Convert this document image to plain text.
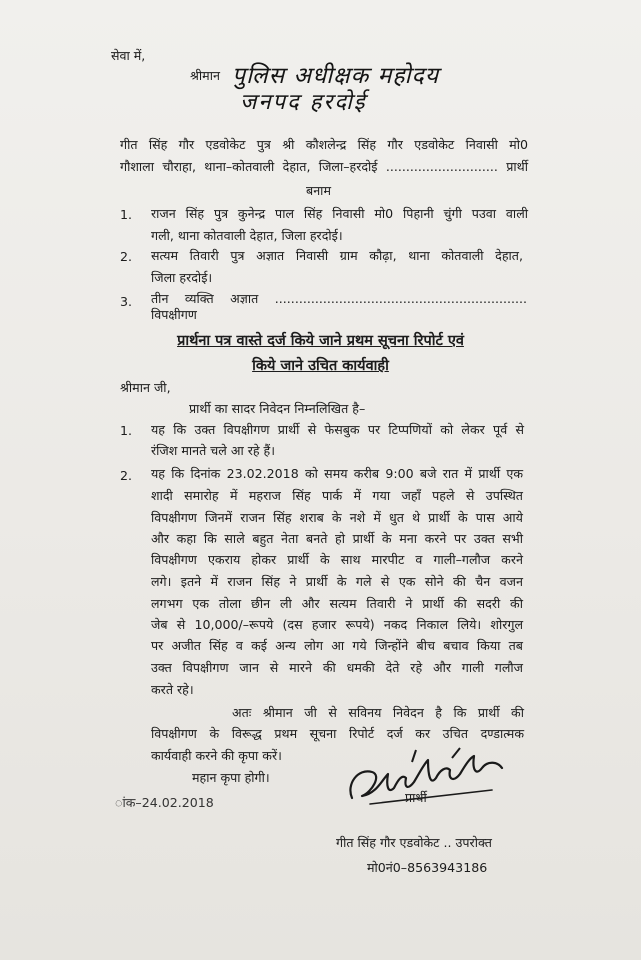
सेवा में,
श्रीमान पुलिस अधीक्षक महोदय
जनपद हरदोई
गीत सिंह गौर एडवोकेट पुत्र श्री कौशलेन्द्र सिंह गौर एडवोकेट निवासी मो0
गौशाला चौराहा, थाना–कोतवाली देहात, जिला–हरदोई ............................ प्रार्थी
बनाम
1. राजन सिंह पुत्र कुनेन्द्र पाल सिंह निवासी मो0 पिहानी चुंगी पउवा वाली
गली, थाना कोतवाली देहात, जिला हरदोई।
2. सत्यम तिवारी पुत्र अज्ञात निवासी ग्राम कौढ़ा, थाना कोतवाली देहात,
जिला हरदोई।
3. तीन व्यक्ति अज्ञात ............................................................... विपक्षीगण
प्रार्थना पत्र वास्ते दर्ज किये जाने प्रथम सूचना रिपोर्ट एवं
किये जाने उचित कार्यवाही
श्रीमान जी,
प्रार्थी का सादर निवेदन निम्नलिखित है–
1. यह कि उक्त विपक्षीगण प्रार्थी से फेसबुक पर टिप्पणियों को लेकर पूर्व से
रंजिश मानते चले आ रहे हैं।
2. यह कि दिनांक 23.02.2018 को समय करीब 9:00 बजे रात में प्रार्थी एक
शादी समारोह में महराज सिंह पार्क में गया जहाँ पहले से उपस्थित
विपक्षीगण जिनमें राजन सिंह शराब के नशे में धुत थे प्रार्थी के पास आये
और कहा कि साले बहुत नेता बनते हो प्रार्थी के मना करने पर उक्त सभी
विपक्षीगण एकराय होकर प्रार्थी के साथ मारपीट व गाली–गलौज करने
लगे। इतने में राजन सिंह ने प्रार्थी के गले से एक सोने की चैन वजन
लगभग एक तोला छीन ली और सत्यम तिवारी ने प्रार्थी की सदरी की
जेब से 10,000/–रूपये (दस हजार रूपये) नकद निकाल लिये। शोरगुल
पर अजीत सिंह व कई अन्य लोग आ गये जिन्होंने बीच बचाव किया तब
उक्त विपक्षीगण जान से मारने की धमकी देते रहे और गाली गलौज
करते रहे।
अतः श्रीमान जी से सविनय निवेदन है कि प्रार्थी की
विपक्षीगण के विरूद्ध प्रथम सूचना रिपोर्ट दर्ज कर उचित दण्डात्मक
कार्यवाही करने की कृपा करें।
महान कृपा होगी।
ांक–24.02.2018	प्रार्थी
गीत सिंह गौर एडवोकेट .. उपरोक्त
मो0नं0–8563943186
